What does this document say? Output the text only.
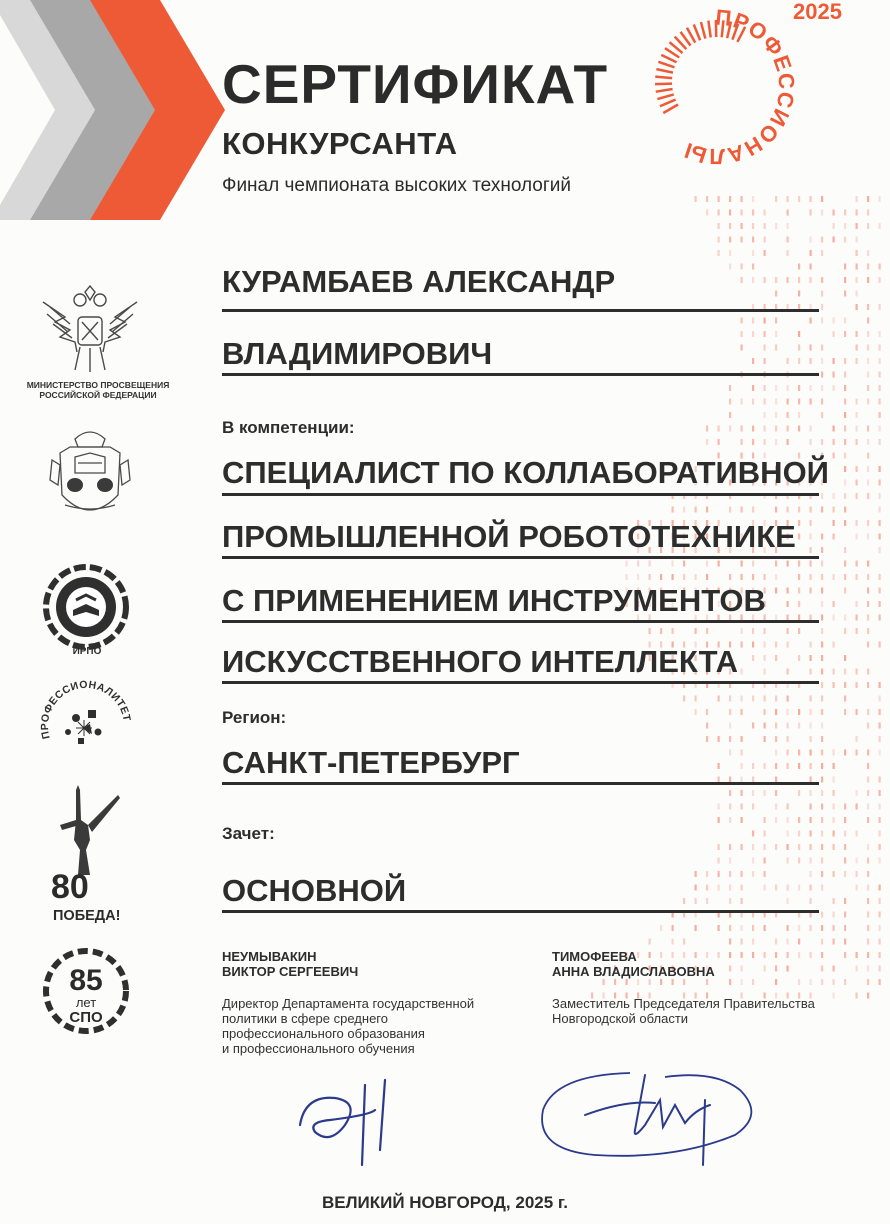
ПРОФЕССИОНАЛЫ
2025
СЕРТИФИКАТ
КОНКУРСАНТА
Финал чемпионата высоких технологий
КУРАМБАЕВ АЛЕКСАНДР
ВЛАДИМИРОВИЧ
В компетенции:
СПЕЦИАЛИСТ ПО КОЛЛАБОРАТИВНОЙ
ПРОМЫШЛЕННОЙ РОБОТОТЕХНИКЕ
С ПРИМЕНЕНИЕМ ИНСТРУМЕНТОВ
ИСКУССТВЕННОГО ИНТЕЛЛЕКТА
Регион:
САНКТ-ПЕТЕРБУРГ
Зачет:
ОСНОВНОЙ
МИНИСТЕРСТВО ПРОСВЕЩЕНИЯ
РОССИЙСКОЙ ФЕДЕРАЦИИ
ИРПО
ПРОФЕССИОНАЛИТЕТ
80
ПОБЕДА!
85
лет
СПО
НЕУМЫВАКИН
ВИКТОР СЕРГЕЕВИЧ
Директор Департамента государственной
политики в сфере среднего
профессионального образования
и профессионального обучения
ТИМОФЕЕВА
АННА ВЛАДИСЛАВОВНА
Заместитель Председателя Правительства
Новгородской области
ВЕЛИКИЙ НОВГОРОД, 2025 г.
